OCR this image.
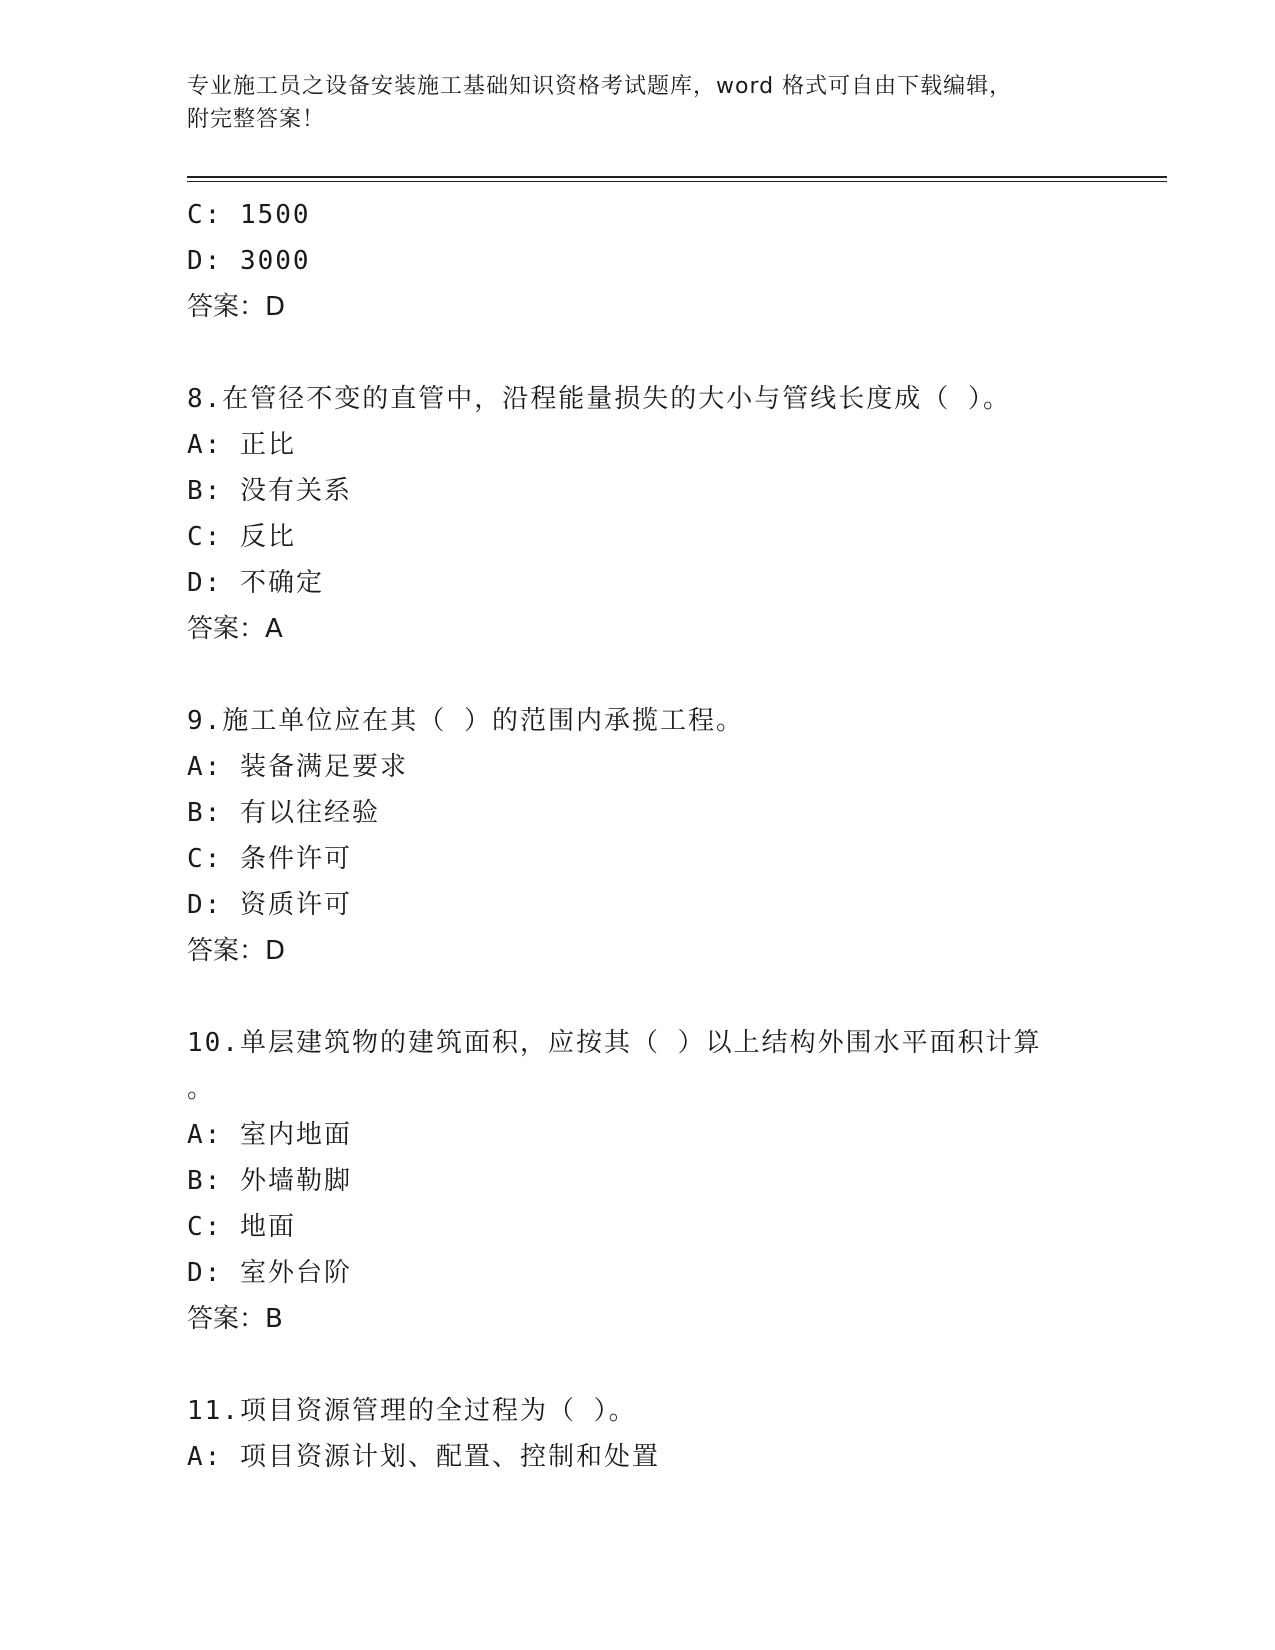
专业施工员之设备安装施工基础知识资格考试题库，word 格式可自由下载编辑，
附完整答案！
C: 1500
D: 3000
答案：D
8.在管径不变的直管中，沿程能量损失的大小与管线长度成（ ）。
A: 正比
B: 没有关系
C: 反比
D: 不确定
答案：A
9.施工单位应在其（ ）的范围内承揽工程。
A: 装备满足要求
B: 有以往经验
C: 条件许可
D: 资质许可
答案：D
10.单层建筑物的建筑面积，应按其（ ）以上结构外围水平面积计算
。
A: 室内地面
B: 外墙勒脚
C: 地面
D: 室外台阶
答案：B
11.项目资源管理的全过程为（ ）。
A: 项目资源计划、配置、控制和处置
